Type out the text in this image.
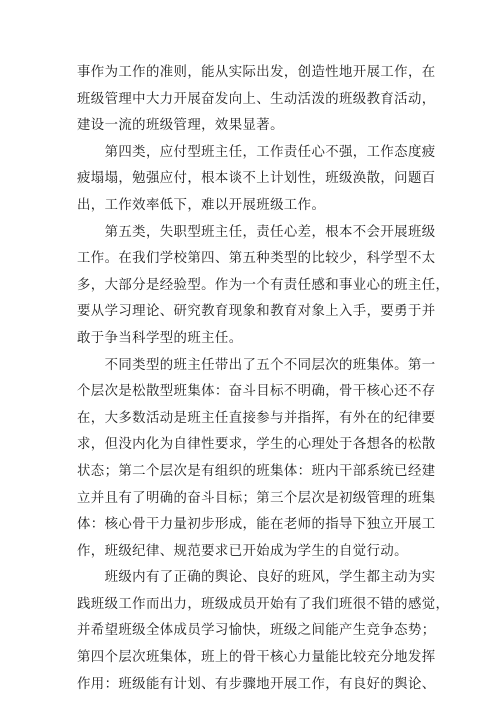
事作为工作的准则，能从实际出发，创造性地开展工作，在
班级管理中大力开展奋发向上、生动活泼的班级教育活动，
建设一流的班级管理，效果显著。
　　第四类，应付型班主任，工作责任心不强，工作态度疲
疲塌塌，勉强应付，根本谈不上计划性，班级涣散，问题百
出，工作效率低下，难以开展班级工作。
　　第五类，失职型班主任，责任心差，根本不会开展班级
工作。在我们学校第四、第五种类型的比较少，科学型不太
多，大部分是经验型。作为一个有责任感和事业心的班主任，
要从学习理论、研究教育现象和教育对象上入手，要勇于并
敢于争当科学型的班主任。
　　不同类型的班主任带出了五个不同层次的班集体。第一
个层次是松散型班集体：奋斗目标不明确，骨干核心还不存
在，大多数活动是班主任直接参与并指挥，有外在的纪律要
求，但没内化为自律性要求，学生的心理处于各想各的松散
状态；第二个层次是有组织的班集体：班内干部系统已经建
立并且有了明确的奋斗目标；第三个层次是初级管理的班集
体：核心骨干力量初步形成，能在老师的指导下独立开展工
作，班级纪律、规范要求已开始成为学生的自觉行动。
　　班级内有了正确的舆论、良好的班风，学生都主动为实
践班级工作而出力，班级成员开始有了我们班很不错的感觉，
并希望班级全体成员学习愉快，班级之间能产生竞争态势；
第四个层次班集体，班上的骨干核心力量能比较充分地发挥
作用：班级能有计划、有步骤地开展工作，有良好的舆论、
